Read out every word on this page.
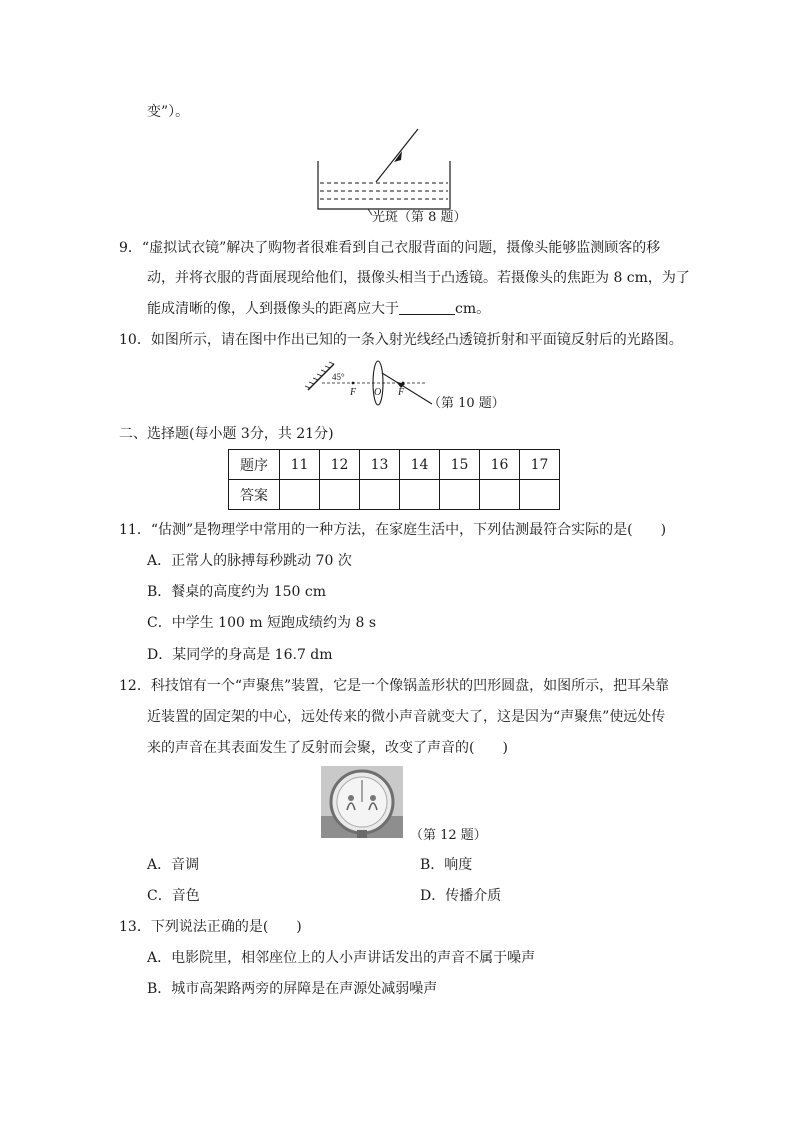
变”）。
光斑（第 8 题）
9．“虚拟试衣镜”解决了购物者很难看到自己衣服背面的问题，摄像头能够监测顾客的移
动，并将衣服的背面展现给他们，摄像头相当于凸透镜。若摄像头的焦距为 8 cm，为了
能成清晰的像，人到摄像头的距离应大于	cm。
10．如图所示，请在图中作出已知的一条入射光线经凸透镜折射和平面镜反射后的光路图。
45°
F O F
（第 10 题）
二、选择题(每小题 3分，共 21分)
题序	11	12	13	14	15	16	17
答案							
11．“估测”是物理学中常用的一种方法，在家庭生活中，下列估测最符合实际的是(　　)
A．正常人的脉搏每秒跳动 70 次
B．餐桌的高度约为 150 cm
C．中学生 100 m 短跑成绩约为 8 s
D．某同学的身高是 16.7 dm
12．科技馆有一个“声聚焦”装置，它是一个像锅盖形状的凹形圆盘，如图所示，把耳朵靠
近装置的固定架的中心，远处传来的微小声音就变大了，这是因为“声聚焦”使远处传
来的声音在其表面发生了反射而会聚，改变了声音的(　　)
（第 12 题）
A．音调	B．响度
C．音色	D．传播介质
13．下列说法正确的是(　　)
A．电影院里，相邻座位上的人小声讲话发出的声音不属于噪声
B．城市高架路两旁的屏障是在声源处减弱噪声
